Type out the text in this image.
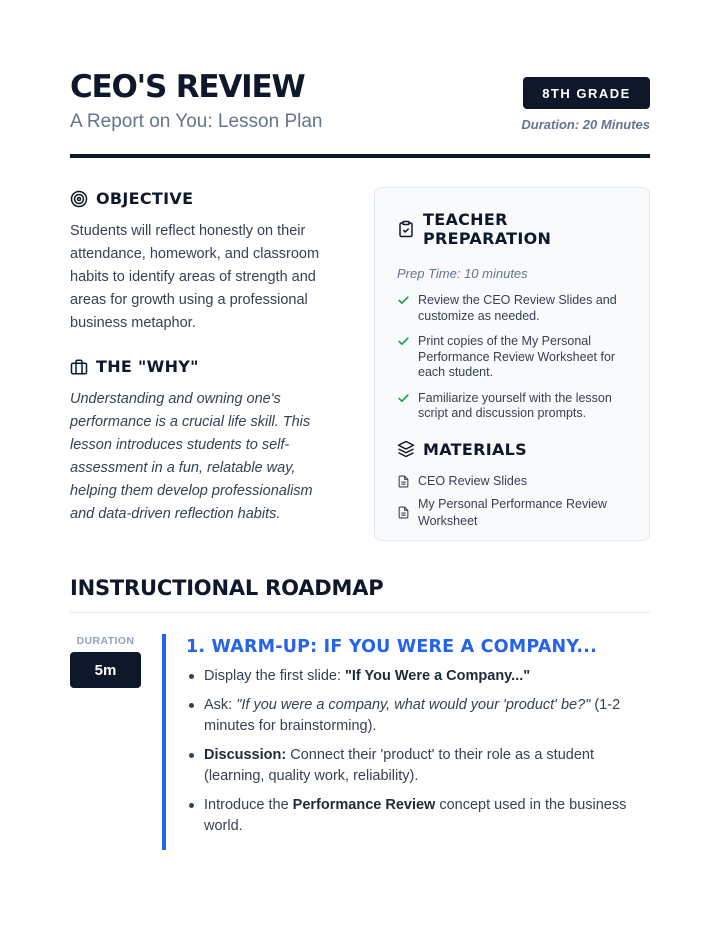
CEO'S REVIEW
A Report on You: Lesson Plan
8TH GRADE
Duration: 20 Minutes
OBJECTIVE

Students will reflect honestly on their attendance, homework, and classroom habits to identify areas of strength and areas for growth using a professional business metaphor.

THE "WHY"

Understanding and owning one's performance is a crucial life skill. This lesson introduces students to self-assessment in a fun, relatable way, helping them develop professionalism and data-driven reflection habits.

TEACHER PREPARATION
Prep Time: 10 minutes
Review the CEO Review Slides and customize as needed.
Print copies of the My Personal Performance Review Worksheet for each student.
Familiarize yourself with the lesson script and discussion prompts.
MATERIALS
CEO Review Slides
My Personal Performance Review Worksheet
INSTRUCTIONAL ROADMAP
DURATION
5m
1. WARM-UP: IF YOU WERE A COMPANY...
Display the first slide: "If You Were a Company..."
Ask: "If you were a company, what would your 'product' be?" (1-2 minutes for brainstorming).
Discussion: Connect their 'product' to their role as a student (learning, quality work, reliability).
Introduce the Performance Review concept used in the business world.
